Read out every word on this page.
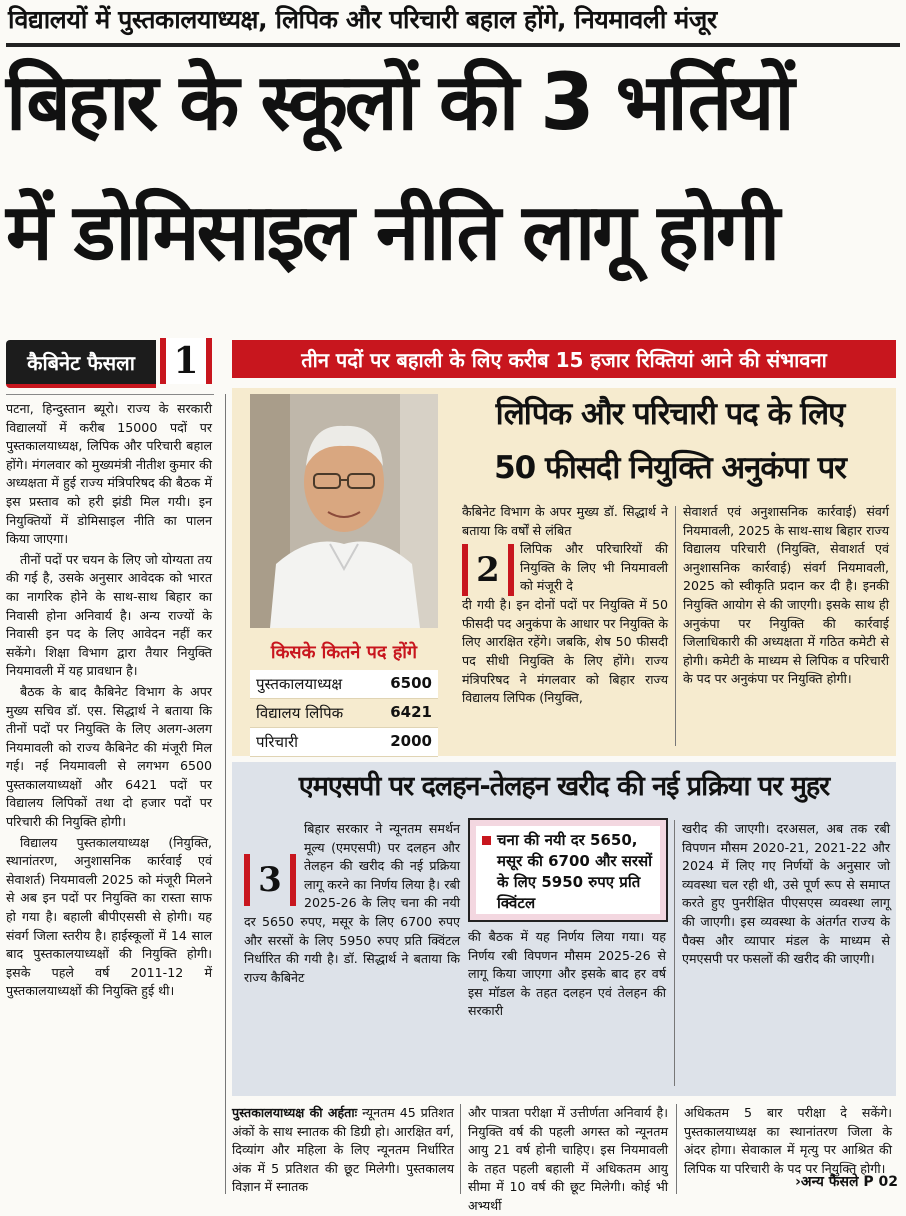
विद्यालयों में पुस्तकालयाध्यक्ष, लिपिक और परिचारी बहाल होंगे, नियमावली मंजूर
बिहार के स्कूलों की 3 भर्तियों
में डोमिसाइल नीति लागू होगी
कैबिनेट फैसला 1	तीन पदों पर बहाली के लिए करीब 15 हजार रिक्तियां आने की संभावना

पटना, हिन्दुस्तान ब्यूरो। राज्य के सरकारी विद्यालयों में करीब 15000 पदों पर पुस्तकालयाध्यक्ष, लिपिक और परिचारी बहाल होंगे। मंगलवार को मुख्यमंत्री नीतीश कुमार की अध्यक्षता में हुई राज्य मंत्रिपरिषद की बैठक में इस प्रस्ताव को हरी झंडी मिल गयी। इन नियुक्तियों में डोमिसाइल नीति का पालन किया जाएगा।

तीनों पदों पर चयन के लिए जो योग्यता तय की गई है, उसके अनुसार आवेदक को भारत का नागरिक होने के साथ-साथ बिहार का निवासी होना अनिवार्य है। अन्य राज्यों के निवासी इन पद के लिए आवेदन नहीं कर सकेंगे। शिक्षा विभाग द्वारा तैयार नियुक्ति नियमावली में यह प्रावधान है।

बैठक के बाद कैबिनेट विभाग के अपर मुख्य सचिव डॉ. एस. सिद्धार्थ ने बताया कि तीनों पदों पर नियुक्ति के लिए अलग-अलग नियमावली को राज्य कैबिनेट की मंजूरी मिल गई। नई नियमावली से लगभग 6500 पुस्तकालयाध्यक्षों और 6421 पदों पर विद्यालय लिपिकों तथा दो हजार पदों पर परिचारी की नियुक्ति होगी।

विद्यालय पुस्तकालयाध्यक्ष (नियुक्ति, स्थानांतरण, अनुशासनिक कार्रवाई एवं सेवाशर्त) नियमावली 2025 को मंजूरी मिलने से अब इन पदों पर नियुक्ति का रास्ता साफ हो गया है। बहाली बीपीएससी से होगी। यह संवर्ग जिला स्तरीय है। हाईस्कूलों में 14 साल बाद पुस्तकालयाध्यक्षों की नियुक्ति होगी। इसके पहले वर्ष 2011-12 में पुस्तकालयाध्यक्षों की नियुक्ति हुई थी।

किसके कितने पद होंगे
पुस्तकालयाध्यक्ष	6500
विद्यालय लिपिक	6421
परिचारी	2000
लिपिक और परिचारी पद के लिए
50 फीसदी नियुक्ति अनुकंपा पर
कैबिनेट विभाग के अपर मुख्य डॉ. सिद्धार्थ ने बताया कि वर्षों से लंबित
2
लिपिक और परिचारियों की नियुक्ति के लिए भी नियमावली को मंजूरी दे
दी गयी है। इन दोनों पदों पर नियुक्ति में 50 फीसदी पद अनुकंपा के आधार पर नियुक्ति के लिए आरक्षित रहेंगे। जबकि, शेष 50 फीसदी पद सीधी नियुक्ति के लिए होंगे। राज्य मंत्रिपरिषद ने मंगलवार को बिहार राज्य विद्यालय लिपिक (नियुक्ति,
सेवाशर्त एवं अनुशासनिक कार्रवाई) संवर्ग नियमावली, 2025 के साथ-साथ बिहार राज्य विद्यालय परिचारी (नियुक्ति, सेवाशर्त एवं अनुशासनिक कार्रवाई) संवर्ग नियमावली, 2025 को स्वीकृति प्रदान कर दी है। इनकी नियुक्ति आयोग से की जाएगी। इसके साथ ही अनुकंपा पर नियुक्ति की कार्रवाई जिलाधिकारी की अध्यक्षता में गठित कमेटी से होगी। कमेटी के माध्यम से लिपिक व परिचारी के पद पर अनुकंपा पर नियुक्ति होगी।
एमएसपी पर दलहन-तेलहन खरीद की नई प्रक्रिया पर मुहर
3
बिहार सरकार ने न्यूनतम समर्थन मूल्य (एमएसपी) पर दलहन और तेलहन की खरीद की नई प्रक्रिया लागू करने का निर्णय लिया है। रबी 2025-26 के लिए चना की नयी दर 5650 रुपए, मसूर के लिए 6700 रुपए और सरसों के लिए 5950 रुपए प्रति क्विंटल निर्धारित की गयी है। डॉ. सिद्धार्थ ने बताया कि राज्य कैबिनेट
चना की नयी दर 5650, मसूर की 6700 और सरसों के लिए 5950 रुपए प्रति क्विंटल
की बैठक में यह निर्णय लिया गया। यह निर्णय रबी विपणन मौसम 2025-26 से लागू किया जाएगा और इसके बाद हर वर्ष इस मॉडल के तहत दलहन एवं तेलहन की सरकारी
खरीद की जाएगी। दरअसल, अब तक रबी विपणन मौसम 2020-21, 2021-22 और 2024 में लिए गए निर्णयों के अनुसार जो व्यवस्था चल रही थी, उसे पूर्ण रूप से समाप्त करते हुए पुनरीक्षित पीएसएस व्यवस्था लागू की जाएगी। इस व्यवस्था के अंतर्गत राज्य के पैक्स और व्यापार मंडल के माध्यम से एमएसपी पर फसलों की खरीद की जाएगी।
पुस्तकालयाध्यक्ष की अर्हताः न्यूनतम 45 प्रतिशत अंकों के साथ स्नातक की डिग्री हो। आरक्षित वर्ग, दिव्यांग और महिला के लिए न्यूनतम निर्धारित अंक में 5 प्रतिशत की छूट मिलेगी। पुस्तकालय विज्ञान में स्नातक
और पात्रता परीक्षा में उत्तीर्णता अनिवार्य है। नियुक्ति वर्ष की पहली अगस्त को न्यूनतम आयु 21 वर्ष होनी चाहिए। इस नियमावली के तहत पहली बहाली में अधिकतम आयु सीमा में 10 वर्ष की छूट मिलेगी। कोई भी अभ्यर्थी
अधिकतम 5 बार परीक्षा दे सकेंगे। पुस्तकालयाध्यक्ष का स्थानांतरण जिला के अंदर होगा। सेवाकाल में मृत्यु पर आश्रित की लिपिक या परिचारी के पद पर नियुक्ति होगी।
›अन्य फैसले P 02
